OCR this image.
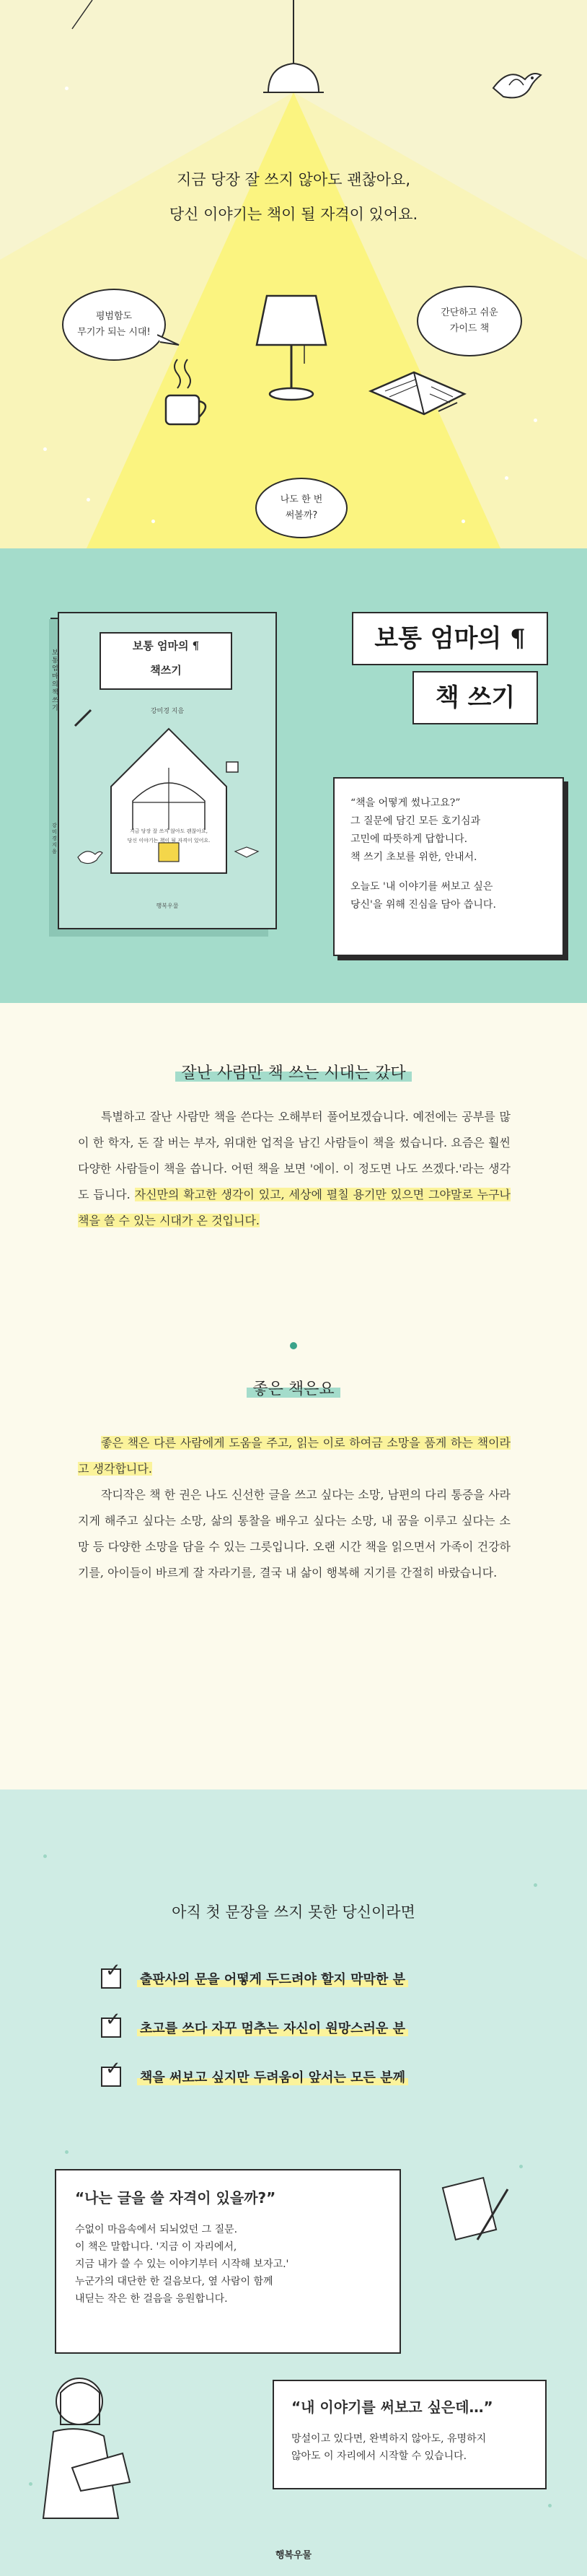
지금 당장 잘 쓰지 않아도 괜찮아요,
당신 이야기는 책이 될 자격이 있어요.
평범함도
무기가 되는 시대!
간단하고 쉬운
가이드 책
나도 한 번
써볼까?
보통 엄마의 ¶
책쓰기
강미경 지음
지금 당장 잘 쓰지 않아도 괜찮아요,
당신 이야기는 책이 될 자격이 있어요.
행복우물
보통 엄마의 책 쓰기
강미경 지음
보통 엄마의 ¶
책 쓰기

“책을 어떻게 썼나고요?”
그 질문에 담긴 모든 호기심과
고민에 따뜻하게 답합니다.
책 쓰기 초보를 위한, 안내서.

오늘도 '내 이야기를 써보고 싶은
당신'을 위해 진심을 담아 씁니다.

잘난 사람만 책 쓰는 시대는 갔다

특별하고 잘난 사람만 책을 쓴다는 오해부터 풀어보겠습니다. 예전에는 공부를 많이 한 학자, 돈 잘 버는 부자, 위대한 업적을 남긴 사람들이 책을 썼습니다. 요즘은 훨씬 다양한 사람들이 책을 씁니다. 어떤 책을 보면 '에이. 이 정도면 나도 쓰겠다.'라는 생각도 듭니다. 자신만의 확고한 생각이 있고, 세상에 펼칠 용기만 있으면 그야말로 누구나 책을 쓸 수 있는 시대가 온 것입니다.

좋은 책은요

좋은 책은 다른 사람에게 도움을 주고, 읽는 이로 하여금 소망을 품게 하는 책이라고 생각합니다.

작디작은 책 한 권은 나도 신선한 글을 쓰고 싶다는 소망, 남편의 다리 통증을 사라지게 해주고 싶다는 소망, 삶의 통찰을 배우고 싶다는 소망, 내 꿈을 이루고 싶다는 소망 등 다양한 소망을 담을 수 있는 그릇입니다. 오랜 시간 책을 읽으면서 가족이 건강하기를, 아이들이 바르게 잘 자라기를, 결국 내 삶이 행복해 지기를 간절히 바랐습니다.

아직 첫 문장을 쓰지 못한 당신이라면
✓ 출판사의 문을 어떻게 두드려야 할지 막막한 분
✓ 초고를 쓰다 자꾸 멈추는 자신이 원망스러운 분
✓ 책을 써보고 싶지만 두려움이 앞서는 모든 분께
“나는 글을 쓸 자격이 있을까?”

수없이 마음속에서 되뇌었던 그 질문.

이 책은 말합니다. '지금 이 자리에서,

지금 내가 쓸 수 있는 이야기부터 시작해 보자고.'

누군가의 대단한 한 걸음보다, 옆 사람이 함께

내딛는 작은 한 걸음을 응원합니다.

“내 이야기를 써보고 싶은데…”

망설이고 있다면, 완벽하지 않아도, 유명하지

않아도 이 자리에서 시작할 수 있습니다.

행복우물
